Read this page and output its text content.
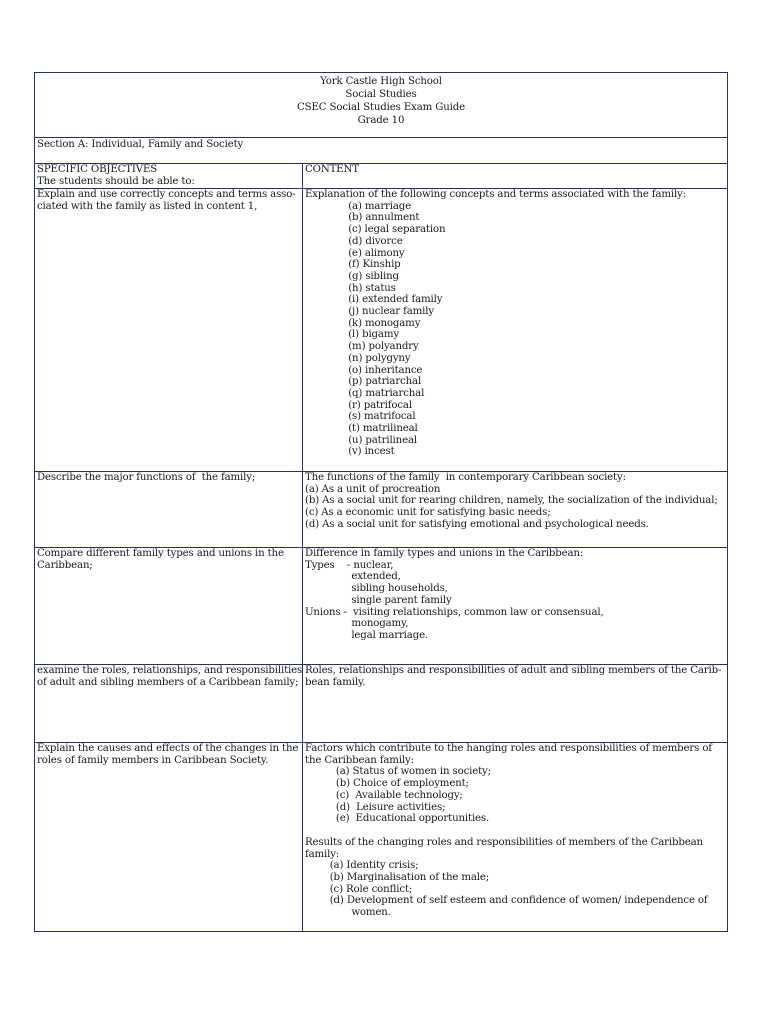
York Castle High School
Social Studies
CSEC Social Studies Exam Guide
Grade 10
Section A: Individual, Family and Society
SPECIFIC OBJECTIVES
The students should be able to:
CONTENT
Explain and use correctly concepts and terms asso-
ciated with the family as listed in content 1,
Explanation of the following concepts and terms associated with the family:
(a) marriage
(b) annulment
(c) legal separation
(d) divorce
(e) alimony
(f) Kinship
(g) sibling
(h) status
(i) extended family
(j) nuclear family
(k) monogamy
(l) bigamy
(m) polyandry
(n) polygyny
(o) inheritance
(p) patriarchal
(q) matriarchal
(r) patrifocal
(s) matrifocal
(t) matrilineal
(u) patrilineal
(v) incest
Describe the major functions of  the family;	The functions of the family  in contemporary Caribbean society:
(a) As a unit of procreation
(b) As a social unit for rearing children, namely, the socialization of the individual;
(c) As a economic unit for satisfying basic needs;
(d) As a social unit for satisfying emotional and psychological needs.
Compare different family types and unions in the
Caribbean;
Difference in family types and unions in the Caribbean:
Types    - nuclear,
extended,
sibling households,
single parent family
Unions -  visiting relationships, common law or consensual,
monogamy,
legal marriage.
examine the roles, relationships, and responsibilities
of adult and sibling members of a Caribbean family;
Roles, relationships and responsibilities of adult and sibling members of the Carib-
bean family.
Explain the causes and effects of the changes in the
roles of family members in Caribbean Society.
Factors which contribute to the hanging roles and responsibilities of members of
the Caribbean family:
(a) Status of women in society;
(b) Choice of employment;
(c)  Available technology;
(d)  Leisure activities;
(e)  Educational opportunities.
Results of the changing roles and responsibilities of members of the Caribbean
family:
(a) Identity crisis;
(b) Marginalisation of the male;
(c) Role conflict;
(d) Development of self esteem and confidence of women/ independence of
women.
